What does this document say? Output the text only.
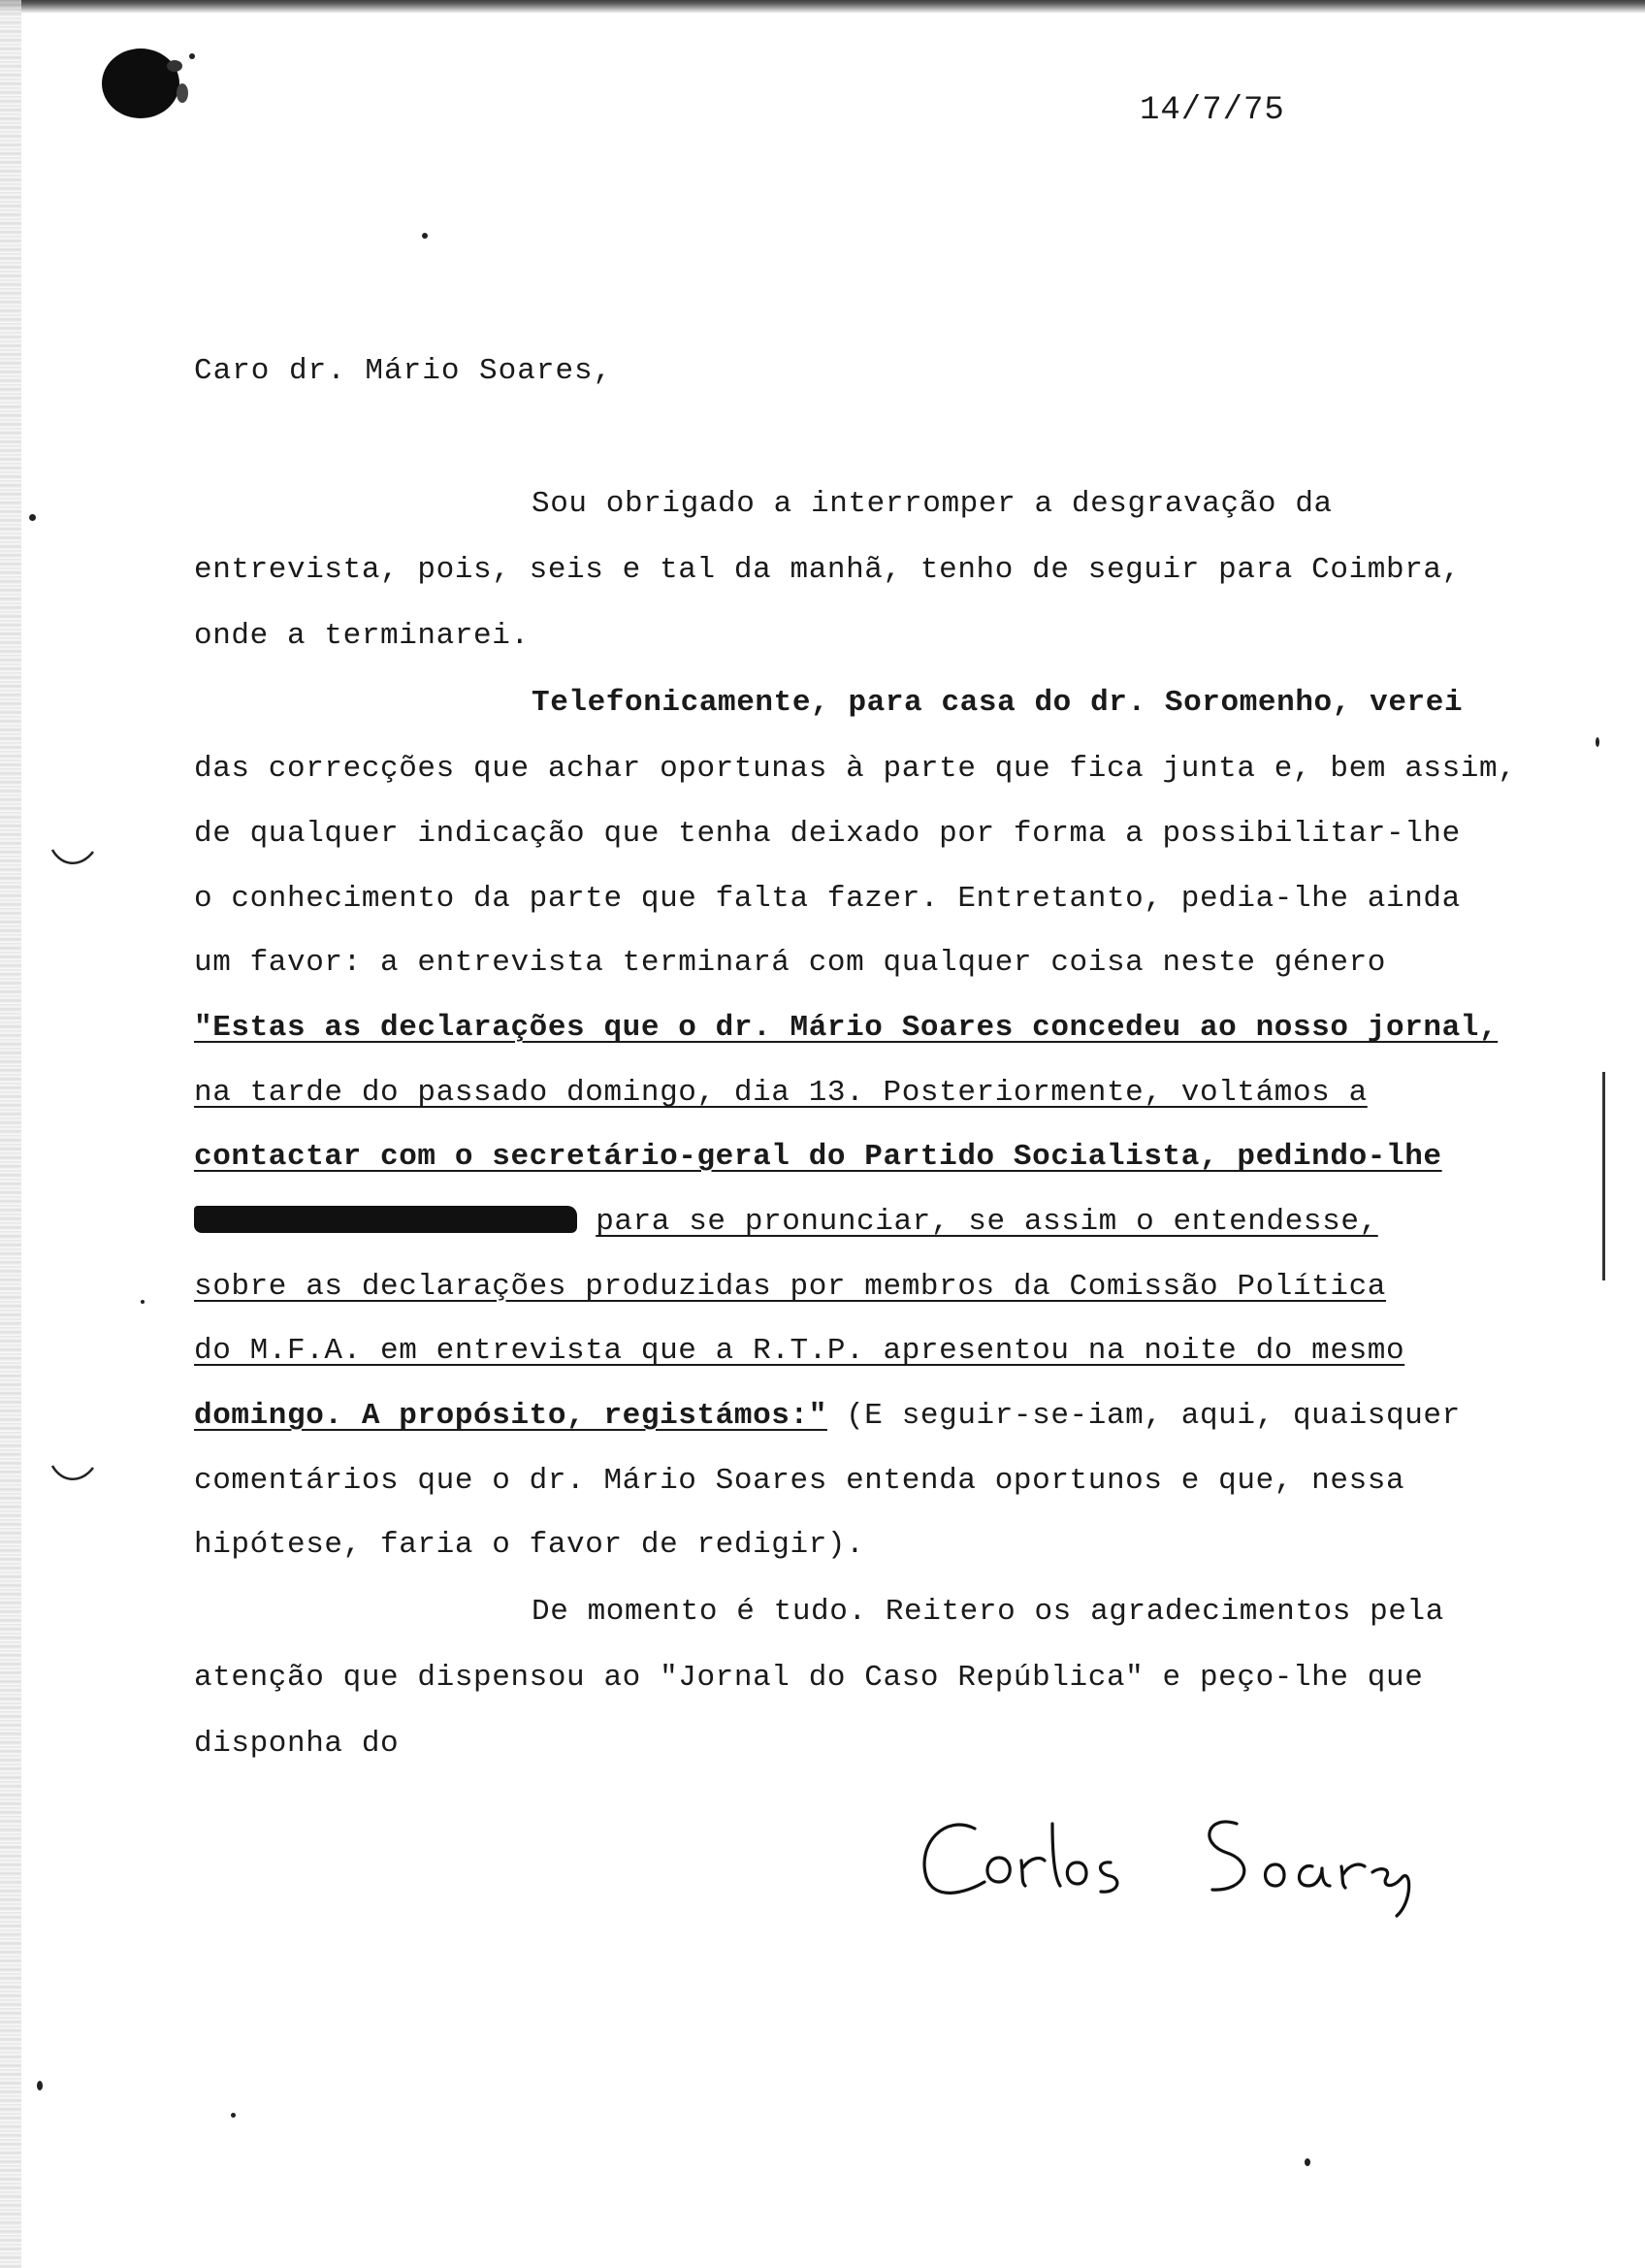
14/7/75
Caro dr. Mário Soares,
Sou obrigado a interromper a desgravação da
entrevista, pois, seis e tal da manhã, tenho de seguir para Coimbra,
onde a terminarei.
Telefonicamente, para casa do dr. Soromenho, verei
das correcções que achar oportunas à parte que fica junta e, bem assim,
de qualquer indicação que tenha deixado por forma a possibilitar-lhe
o conhecimento da parte que falta fazer. Entretanto, pedia-lhe ainda
um favor: a entrevista terminará com qualquer coisa neste género
"Estas as declarações que o dr. Mário Soares concedeu ao nosso jornal,
na tarde do passado domingo, dia 13. Posteriormente, voltámos a
contactar com o secretário-geral do Partido Socialista, pedindo-lhe
para se pronunciar, se assim o entendesse,
sobre as declarações produzidas por membros da Comissão Política
do M.F.A. em entrevista que a R.T.P. apresentou na noite do mesmo
domingo. A propósito, registámos:" (E seguir-se-iam, aqui, quaisquer
comentários que o dr. Mário Soares entenda oportunos e que, nessa
hipótese, faria o favor de redigir).
De momento é tudo. Reitero os agradecimentos pela
atenção que dispensou ao "Jornal do Caso República" e peço-lhe que
disponha do
